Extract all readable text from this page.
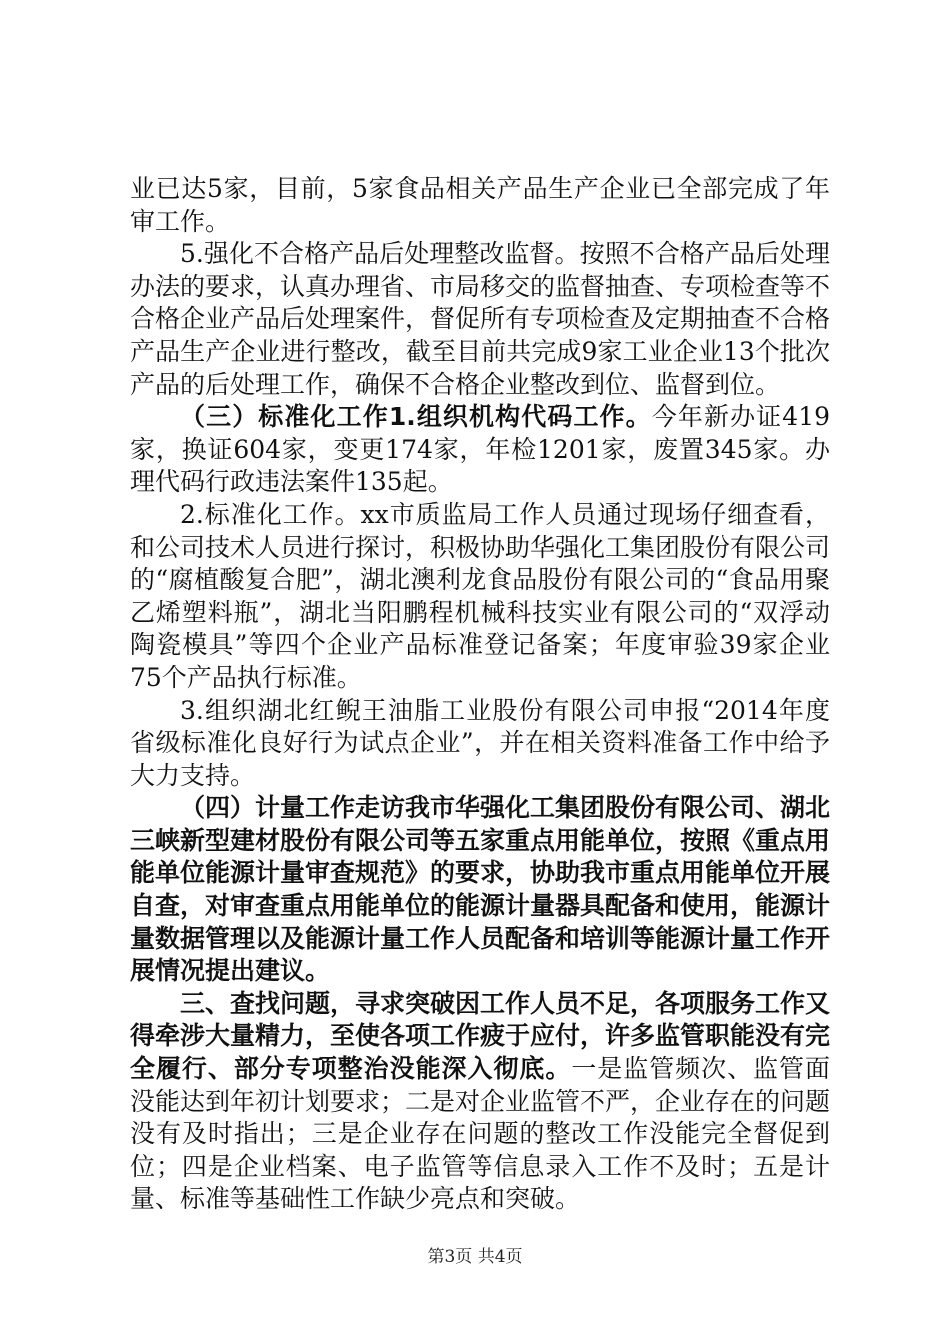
业已达5家，目前，5家食品相关产品生产企业已全部完成了年审工作。

5.强化不合格产品后处理整改监督。按照不合格产品后处理办法的要求，认真办理省、市局移交的监督抽查、专项检查等不合格企业产品后处理案件，督促所有专项检查及定期抽查不合格产品生产企业进行整改，截至目前共完成9家工业企业13个批次产品的后处理工作，确保不合格企业整改到位、监督到位。

（三）标准化工作1.组织机构代码工作。今年新办证419家，换证604家，变更174家，年检1201家，废置345家。办理代码行政违法案件135起。

2.标准化工作。xx市质监局工作人员通过现场仔细查看，和公司技术人员进行探讨，积极协助华强化工集团股份有限公司的“腐植酸复合肥”，湖北澳利龙食品股份有限公司的“食品用聚乙烯塑料瓶”，湖北当阳鹏程机械科技实业有限公司的“双浮动陶瓷模具”等四个企业产品标准登记备案；年度审验39家企业75个产品执行标准。

3.组织湖北红鲵王油脂工业股份有限公司申报“2014年度省级标准化良好行为试点企业”，并在相关资料准备工作中给予大力支持。

（四）计量工作走访我市华强化工集团股份有限公司、湖北三峡新型建材股份有限公司等五家重点用能单位，按照《重点用能单位能源计量审查规范》的要求，协助我市重点用能单位开展自查，对审查重点用能单位的能源计量器具配备和使用，能源计量数据管理以及能源计量工作人员配备和培训等能源计量工作开展情况提出建议。

三、查找问题，寻求突破因工作人员不足，各项服务工作又得牵涉大量精力，至使各项工作疲于应付，许多监管职能没有完全履行、部分专项整治没能深入彻底。一是监管频次、监管面没能达到年初计划要求；二是对企业监管不严，企业存在的问题没有及时指出；三是企业存在问题的整改工作没能完全督促到位；四是企业档案、电子监管等信息录入工作不及时；五是计量、标准等基础性工作缺少亮点和突破。

第3页 共4页
